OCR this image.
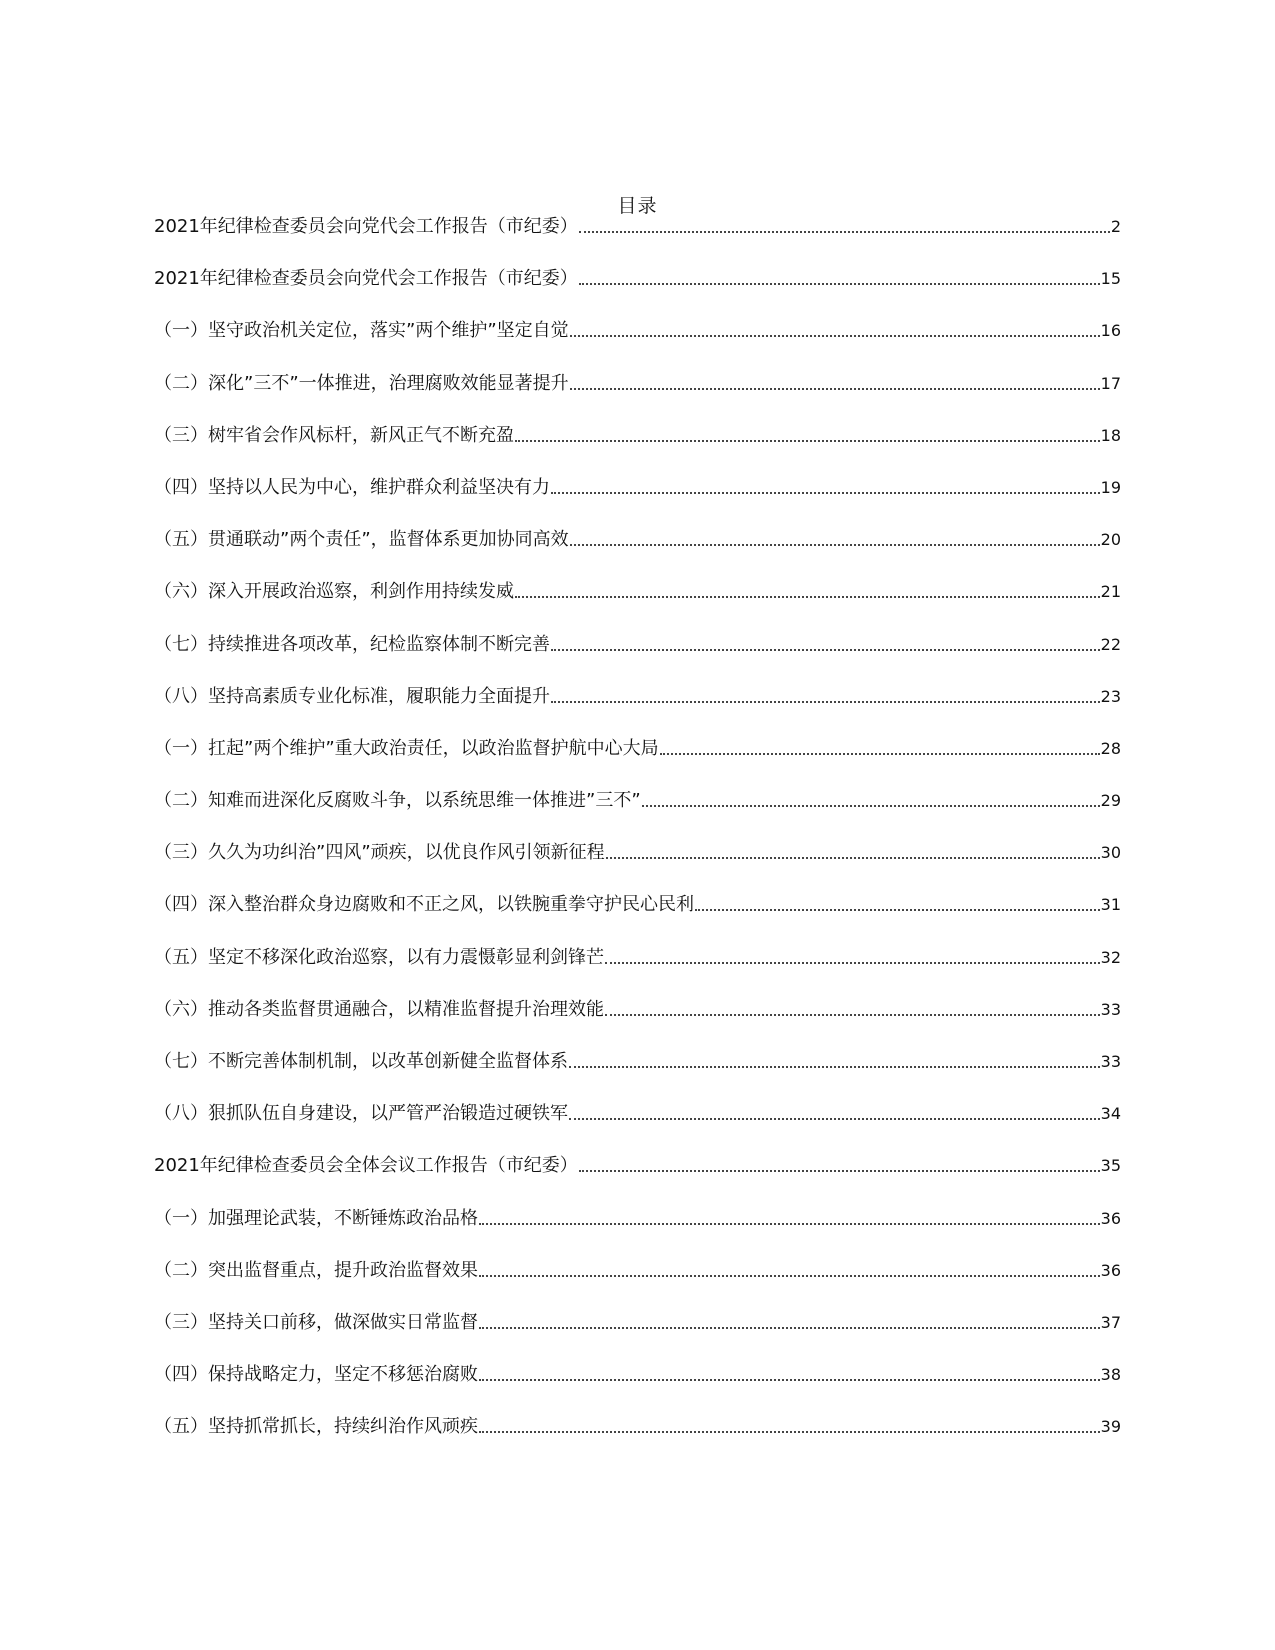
目录
2021年纪律检查委员会向党代会工作报告（市纪委）	2
2021年纪律检查委员会向党代会工作报告（市纪委）	15
（一）坚守政治机关定位，落实”两个维护”坚定自觉	16
（二）深化”三不”一体推进，治理腐败效能显著提升	17
（三）树牢省会作风标杆，新风正气不断充盈	18
（四）坚持以人民为中心，维护群众利益坚决有力	19
（五）贯通联动”两个责任”，监督体系更加协同高效	20
（六）深入开展政治巡察，利剑作用持续发威	21
（七）持续推进各项改革，纪检监察体制不断完善	22
（八）坚持高素质专业化标准，履职能力全面提升	23
（一）扛起”两个维护”重大政治责任，以政治监督护航中心大局	28
（二）知难而进深化反腐败斗争，以系统思维一体推进”三不”	29
（三）久久为功纠治”四风”顽疾，以优良作风引领新征程	30
（四）深入整治群众身边腐败和不正之风，以铁腕重拳守护民心民利	31
（五）坚定不移深化政治巡察，以有力震慑彰显利剑锋芒	32
（六）推动各类监督贯通融合，以精准监督提升治理效能	33
（七）不断完善体制机制，以改革创新健全监督体系	33
（八）狠抓队伍自身建设，以严管严治锻造过硬铁军	34
2021年纪律检查委员会全体会议工作报告（市纪委）	35
（一）加强理论武装，不断锤炼政治品格	36
（二）突出监督重点，提升政治监督效果	36
（三）坚持关口前移，做深做实日常监督	37
（四）保持战略定力，坚定不移惩治腐败	38
（五）坚持抓常抓长，持续纠治作风顽疾	39
